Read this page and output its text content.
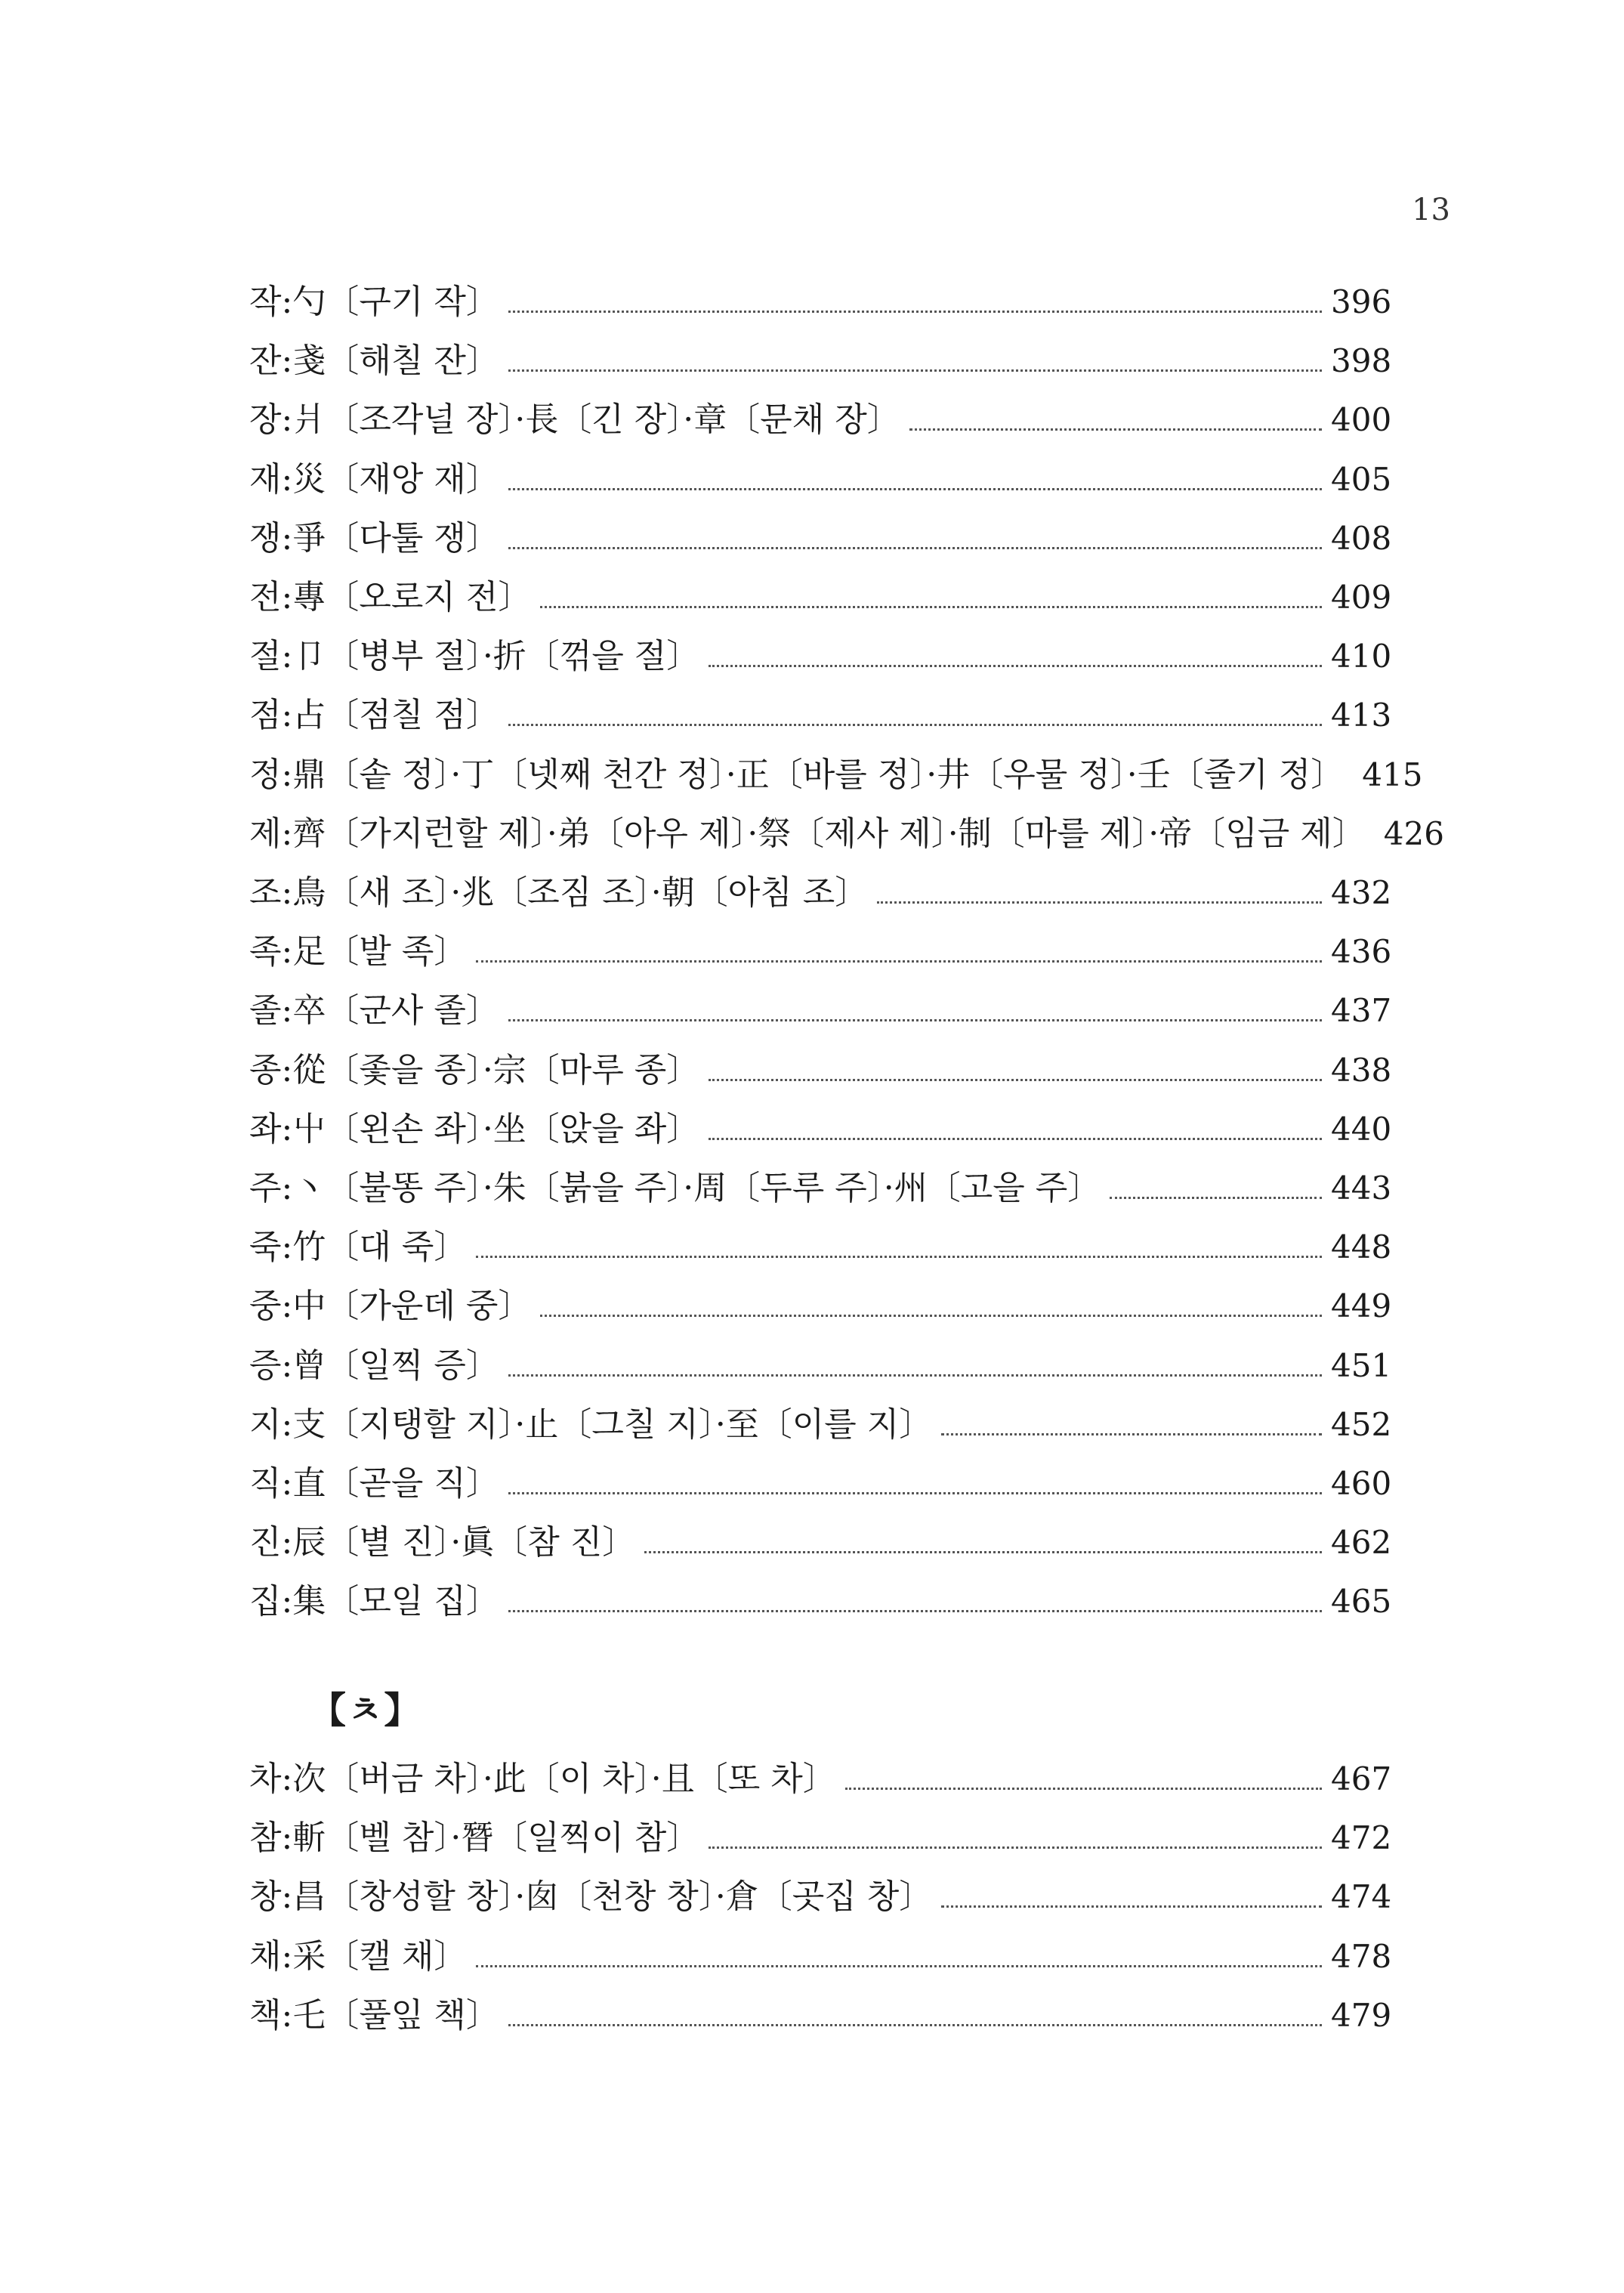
13
작:勺〔구기 작〕	396
잔:戔〔해칠 잔〕	398
장:爿〔조각널 장〕·長〔긴 장〕·章〔문채 장〕	400
재:災〔재앙 재〕	405
쟁:爭〔다툴 쟁〕	408
전:專〔오로지 전〕	409
절:卩〔병부 절〕·折〔꺾을 절〕	410
점:占〔점칠 점〕	413
정:鼎〔솥 정〕·丁〔넷째 천간 정〕·正〔바를 정〕·井〔우물 정〕·壬〔줄기 정〕 415
제:齊〔가지런할 제〕·弟〔아우 제〕·祭〔제사 제〕·制〔마를 제〕·帝〔임금 제〕 426
조:鳥〔새 조〕·兆〔조짐 조〕·朝〔아침 조〕	432
족:足〔발 족〕	436
졸:卒〔군사 졸〕	437
종:從〔좇을 종〕·宗〔마루 종〕	438
좌:屮〔왼손 좌〕·坐〔앉을 좌〕	440
주:丶〔불똥 주〕·朱〔붉을 주〕·周〔두루 주〕·州〔고을 주〕	443
죽:竹〔대 죽〕	448
중:中〔가운데 중〕	449
증:曾〔일찍 증〕	451
지:支〔지탱할 지〕·止〔그칠 지〕·至〔이를 지〕	452
직:直〔곧을 직〕	460
진:辰〔별 진〕·眞〔참 진〕	462
집:集〔모일 집〕	465
차:次〔버금 차〕·此〔이 차〕·且〔또 차〕	467
참:斬〔벨 참〕·朁〔일찍이 참〕	472
창:昌〔창성할 창〕·囱〔천창 창〕·倉〔곳집 창〕	474
채:采〔캘 채〕	478
책:乇〔풀잎 책〕	479
【ㅊ】
